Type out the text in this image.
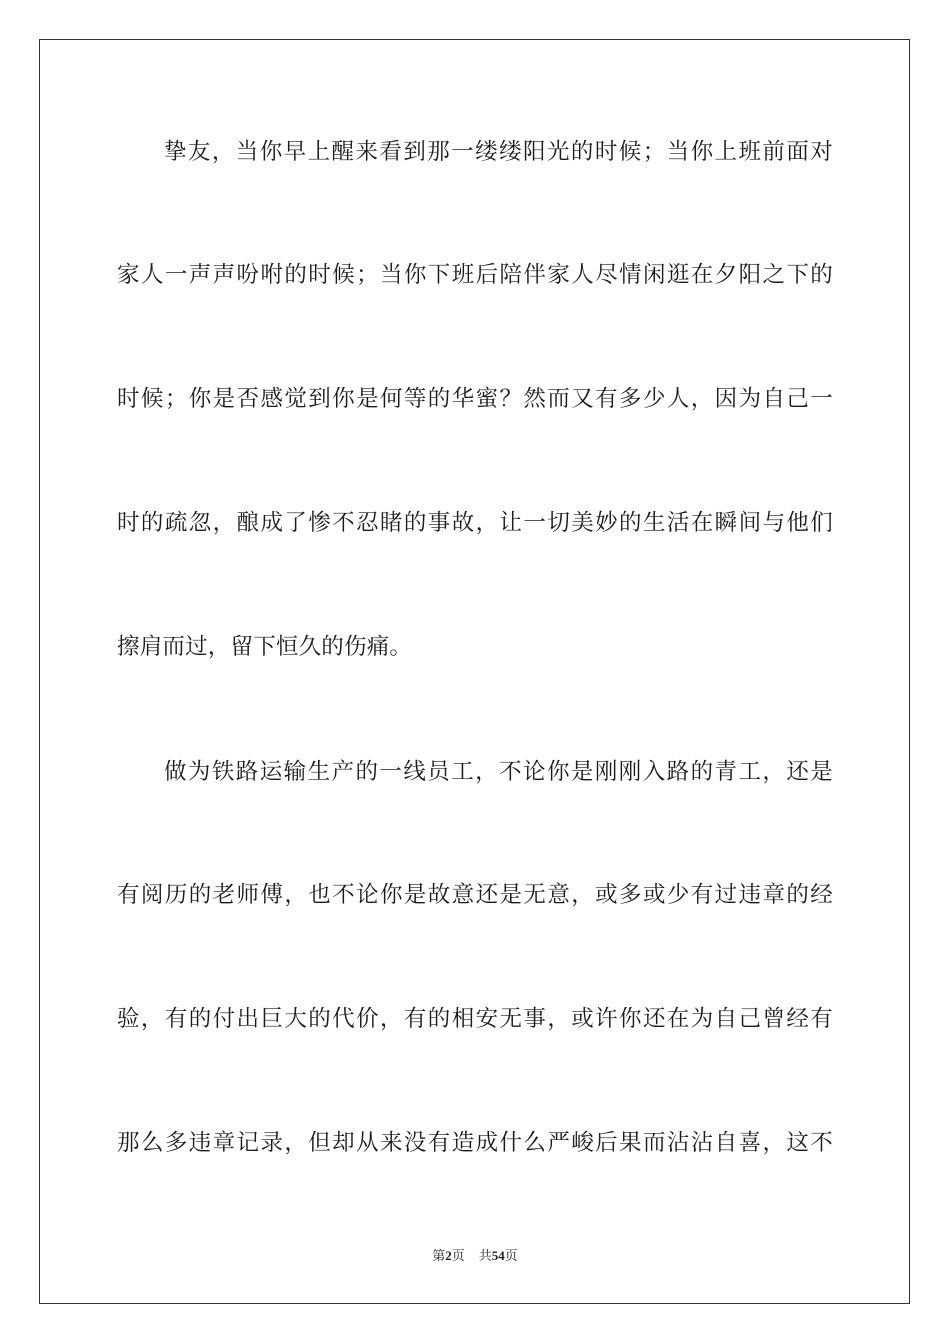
挚友，当你早上醒来看到那一缕缕阳光的时候；当你上班前面对
家人一声声吩咐的时候；当你下班后陪伴家人尽情闲逛在夕阳之下的
时候；你是否感觉到你是何等的华蜜？然而又有多少人，因为自己一
时的疏忽，酿成了惨不忍睹的事故，让一切美妙的生活在瞬间与他们
擦肩而过，留下恒久的伤痛。
做为铁路运输生产的一线员工，不论你是刚刚入路的青工，还是
有阅历的老师傅，也不论你是故意还是无意，或多或少有过违章的经
验，有的付出巨大的代价，有的相安无事，或许你还在为自己曾经有
那么多违章记录，但却从来没有造成什么严峻后果而沾沾自喜，这不
第2页 共54页
